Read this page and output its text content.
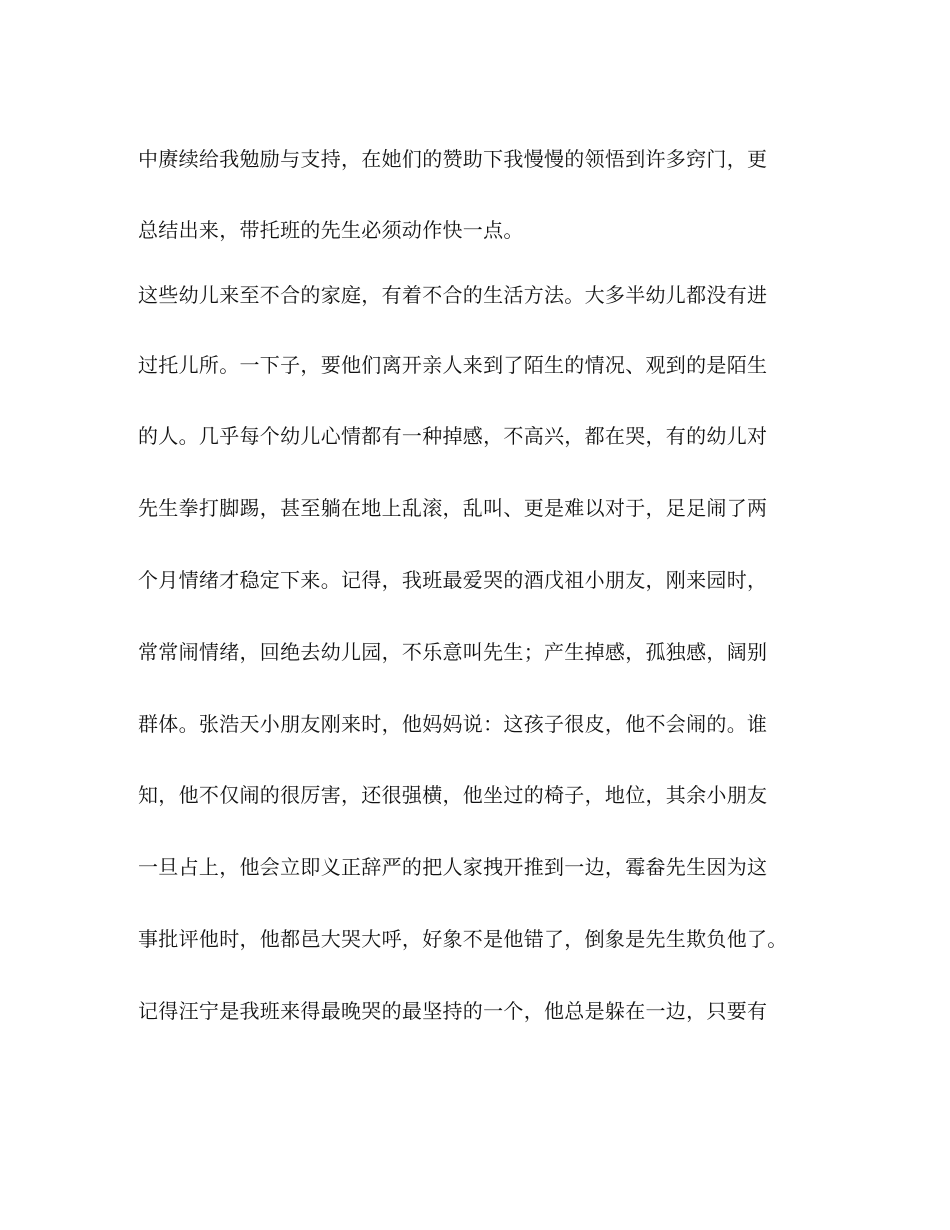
中赓续给我勉励与支持，在她们的赞助下我慢慢的领悟到许多窍门，更

总结出来，带托班的先生必须动作快一点。

这些幼儿来至不合的家庭，有着不合的生活方法。大多半幼儿都没有进

过托儿所。一下子，要他们离开亲人来到了陌生的情况、观到的是陌生

的人。几乎每个幼儿心情都有一种掉感，不高兴，都在哭，有的幼儿对

先生拳打脚踢，甚至躺在地上乱滚，乱叫、更是难以对于，足足闹了两

个月情绪才稳定下来。记得，我班最爱哭的酒戊祖小朋友，刚来园时，

常常闹情绪，回绝去幼儿园，不乐意叫先生；产生掉感，孤独感，阔别

群体。张浩天小朋友刚来时，他妈妈说：这孩子很皮，他不会闹的。谁

知，他不仅闹的很厉害，还很强横，他坐过的椅子，地位，其余小朋友

一旦占上，他会立即义正辞严的把人家拽开推到一边，霉畚先生因为这

事批评他时，他都邑大哭大呼，好象不是他错了，倒象是先生欺负他了。

记得汪宁是我班来得最晚哭的最坚持的一个，他总是躲在一边，只要有
